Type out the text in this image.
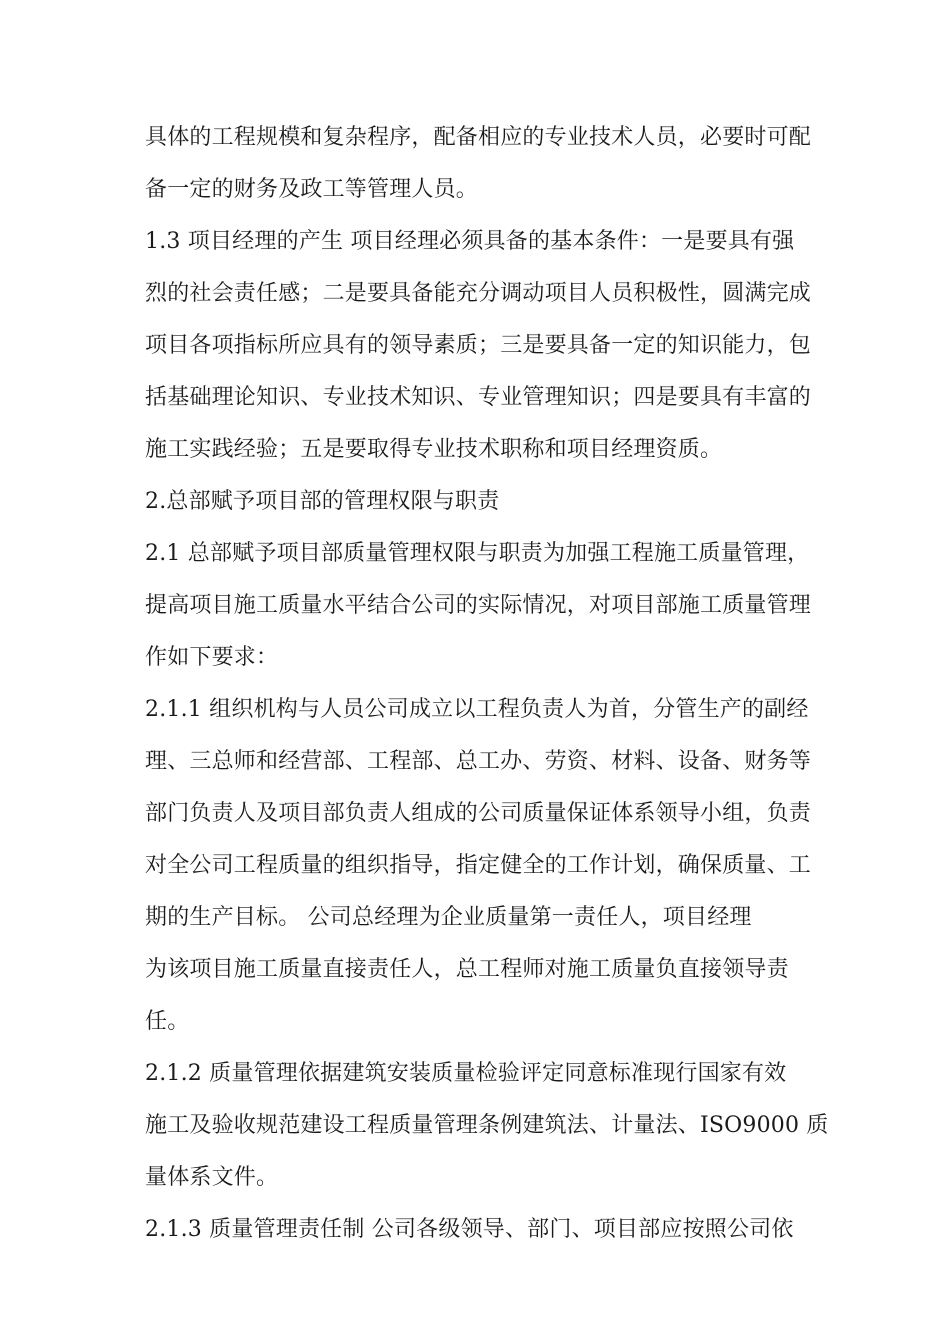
具体的工程规模和复杂程序，配备相应的专业技术人员，必要时可配
备一定的财务及政工等管理人员。
1.3 项目经理的产生 项目经理必须具备的基本条件：一是要具有强
烈的社会责任感；二是要具备能充分调动项目人员积极性，圆满完成
项目各项指标所应具有的领导素质；三是要具备一定的知识能力，包
括基础理论知识、专业技术知识、专业管理知识；四是要具有丰富的
施工实践经验；五是要取得专业技术职称和项目经理资质。
2.总部赋予项目部的管理权限与职责
2.1 总部赋予项目部质量管理权限与职责为加强工程施工质量管理，
提高项目施工质量水平结合公司的实际情况，对项目部施工质量管理
作如下要求：
2.1.1 组织机构与人员公司成立以工程负责人为首，分管生产的副经
理、三总师和经营部、工程部、总工办、劳资、材料、设备、财务等
部门负责人及项目部负责人组成的公司质量保证体系领导小组，负责
对全公司工程质量的组织指导，指定健全的工作计划，确保质量、工
期的生产目标。 公司总经理为企业质量第一责任人，项目经理
为该项目施工质量直接责任人，总工程师对施工质量负直接领导责
任。
2.1.2 质量管理依据建筑安装质量检验评定同意标准现行国家有效
施工及验收规范建设工程质量管理条例建筑法、计量法、ISO9000 质
量体系文件。
2.1.3 质量管理责任制 公司各级领导、部门、项目部应按照公司依
